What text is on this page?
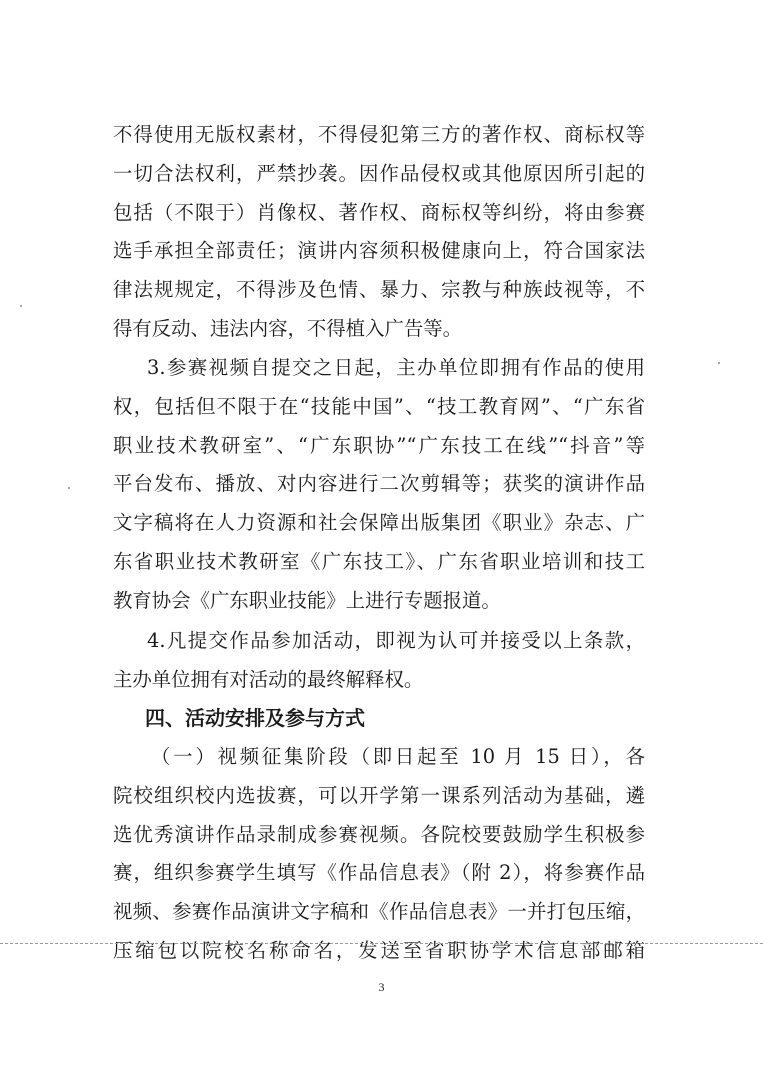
不得使用无版权素材，不得侵犯第三方的著作权、商标权等
一切合法权利，严禁抄袭。因作品侵权或其他原因所引起的
包括（不限于）肖像权、著作权、商标权等纠纷，将由参赛
选手承担全部责任；演讲内容须积极健康向上，符合国家法
律法规规定，不得涉及色情、暴力、宗教与种族歧视等，不
得有反动、违法内容，不得植入广告等。
3.参赛视频自提交之日起，主办单位即拥有作品的使用
权，包括但不限于在“技能中国”、“技工教育网”、“广东省
职业技术教研室”、“广东职协”“广东技工在线”“抖音”等
平台发布、播放、对内容进行二次剪辑等；获奖的演讲作品
文字稿将在人力资源和社会保障出版集团《职业》杂志、广
东省职业技术教研室《广东技工》、广东省职业培训和技工
教育协会《广东职业技能》上进行专题报道。
4.凡提交作品参加活动，即视为认可并接受以上条款，
主办单位拥有对活动的最终解释权。
四、活动安排及参与方式
（一）视频征集阶段（即日起至 10 月 15 日），各
院校组织校内选拔赛，可以开学第一课系列活动为基础，遴
选优秀演讲作品录制成参赛视频。各院校要鼓励学生积极参
赛，组织参赛学生填写《作品信息表》（附 2），将参赛作品
视频、参赛作品演讲文字稿和《作品信息表》一并打包压缩，
压缩包以院校名称命名，发送至省职协学术信息部邮箱
3
